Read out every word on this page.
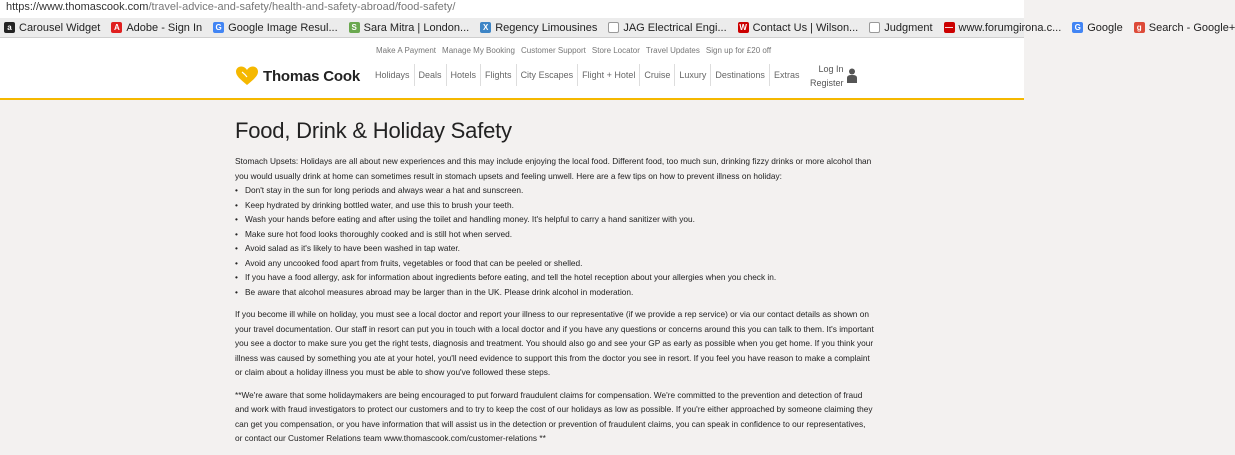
https://www.thomascook.com/travel-advice-and-safety/health-and-safety-abroad/food-safety/
a Carousel Widget	A Adobe - Sign In G Google Image Resul...	S Sara Mitra | London...	X Regency Limousines JAG Electrical Engi... W Contact Us | Wilson... Judgment — www.forumgirona.c... G Google	g Search - Google+
Make A Payment Manage My Booking Customer Support Store Locator Travel Updates Sign up for £20 off
Thomas Cook	Holidays	Deals	Hotels	Flights	City Escapes	Flight + Hotel	Cruise	Luxury	Destinations	Extras
Log In
Register
Food, Drink & Holiday Safety

Stomach Upsets: Holidays are all about new experiences and this may include enjoying the local food. Different food, too much sun, drinking fizzy drinks or more alcohol than you would usually drink at home can sometimes result in stomach upsets and feeling unwell. Here are a few tips on how to prevent illness on holiday:

• Don't stay in the sun for long periods and always wear a hat and sunscreen.
• Keep hydrated by drinking bottled water, and use this to brush your teeth.
• Wash your hands before eating and after using the toilet and handling money. It's helpful to carry a hand sanitizer with you.
• Make sure hot food looks thoroughly cooked and is still hot when served.
• Avoid salad as it's likely to have been washed in tap water.
• Avoid any uncooked food apart from fruits, vegetables or food that can be peeled or shelled.
• If you have a food allergy, ask for information about ingredients before eating, and tell the hotel reception about your allergies when you check in.
• Be aware that alcohol measures abroad may be larger than in the UK. Please drink alcohol in moderation.

If you become ill while on holiday, you must see a local doctor and report your illness to our representative (if we provide a rep service) or via our contact details as shown on your travel documentation. Our staff in resort can put you in touch with a local doctor and if you have any questions or concerns around this you can talk to them. It's important you see a doctor to make sure you get the right tests, diagnosis and treatment. You should also go and see your GP as early as possible when you get home. If you think your illness was caused by something you ate at your hotel, you'll need evidence to support this from the doctor you see in resort. If you feel you have reason to make a complaint or claim about a holiday illness you must be able to show you've followed these steps.

**We're aware that some holidaymakers are being encouraged to put forward fraudulent claims for compensation. We're committed to the prevention and detection of fraud and work with fraud investigators to protect our customers and to try to keep the cost of our holidays as low as possible. If you're either approached by someone claiming they can get you compensation, or you have information that will assist us in the detection or prevention of fraudulent claims, you can speak in confidence to our representatives, or contact our Customer Relations team www.thomascook.com/customer-relations **
